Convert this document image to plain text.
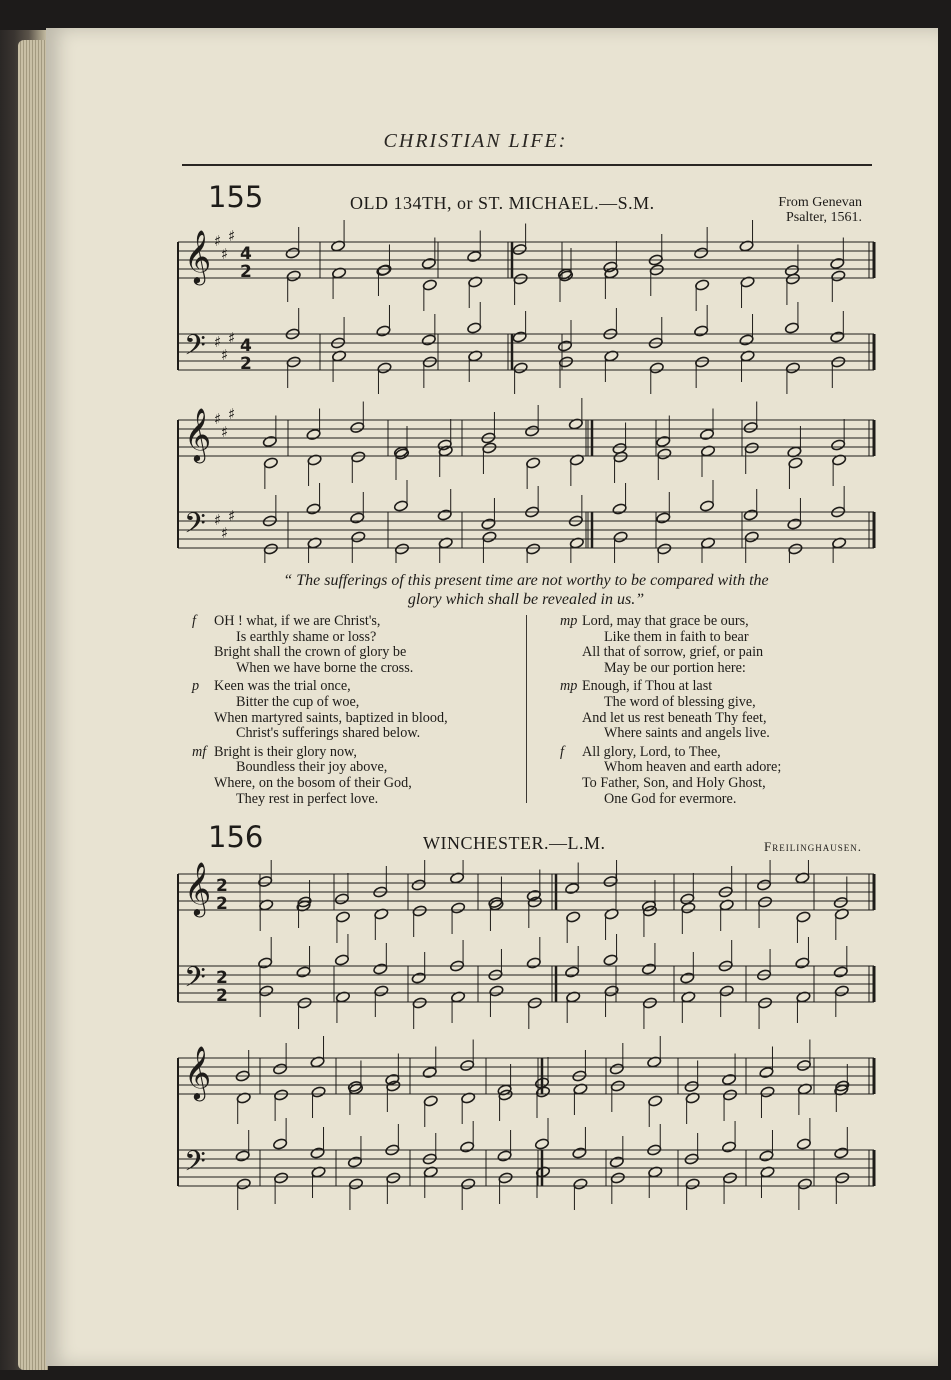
CHRISTIAN LIFE:
155	OLD 134TH, or ST. MICHAEL.—S.M.	From Genevan
Psalter, 1561.
𝄞
𝄢
♯
♯
♯
♯
♯
♯
4
2
4
2
𝄞
𝄢
♯
♯
♯
♯
♯
♯
“ The sufferings of this present time are not worthy to be compared with the
glory which shall be revealed in us.”
f OH ! what, if we are Christ's,
Is earthly shame or loss?
Bright shall the crown of glory be
When we have borne the cross.
p Keen was the trial once,
Bitter the cup of woe,
When martyred saints, baptized in blood,
Christ's sufferings shared below.
mf Bright is their glory now,
Boundless their joy above,
Where, on the bosom of their God,
They rest in perfect love.
mp Lord, may that grace be ours,
Like them in faith to bear
All that of sorrow, grief, or pain
May be our portion here:
mp Enough, if Thou at last
The word of blessing give,
And let us rest beneath Thy feet,
Where saints and angels live.
f All glory, Lord, to Thee,
Whom heaven and earth adore;
To Father, Son, and Holy Ghost,
One God for evermore.
156	WINCHESTER.—L.M.	Freilinghausen.
𝄞
𝄢
2
2
2
2
𝄞
𝄢
